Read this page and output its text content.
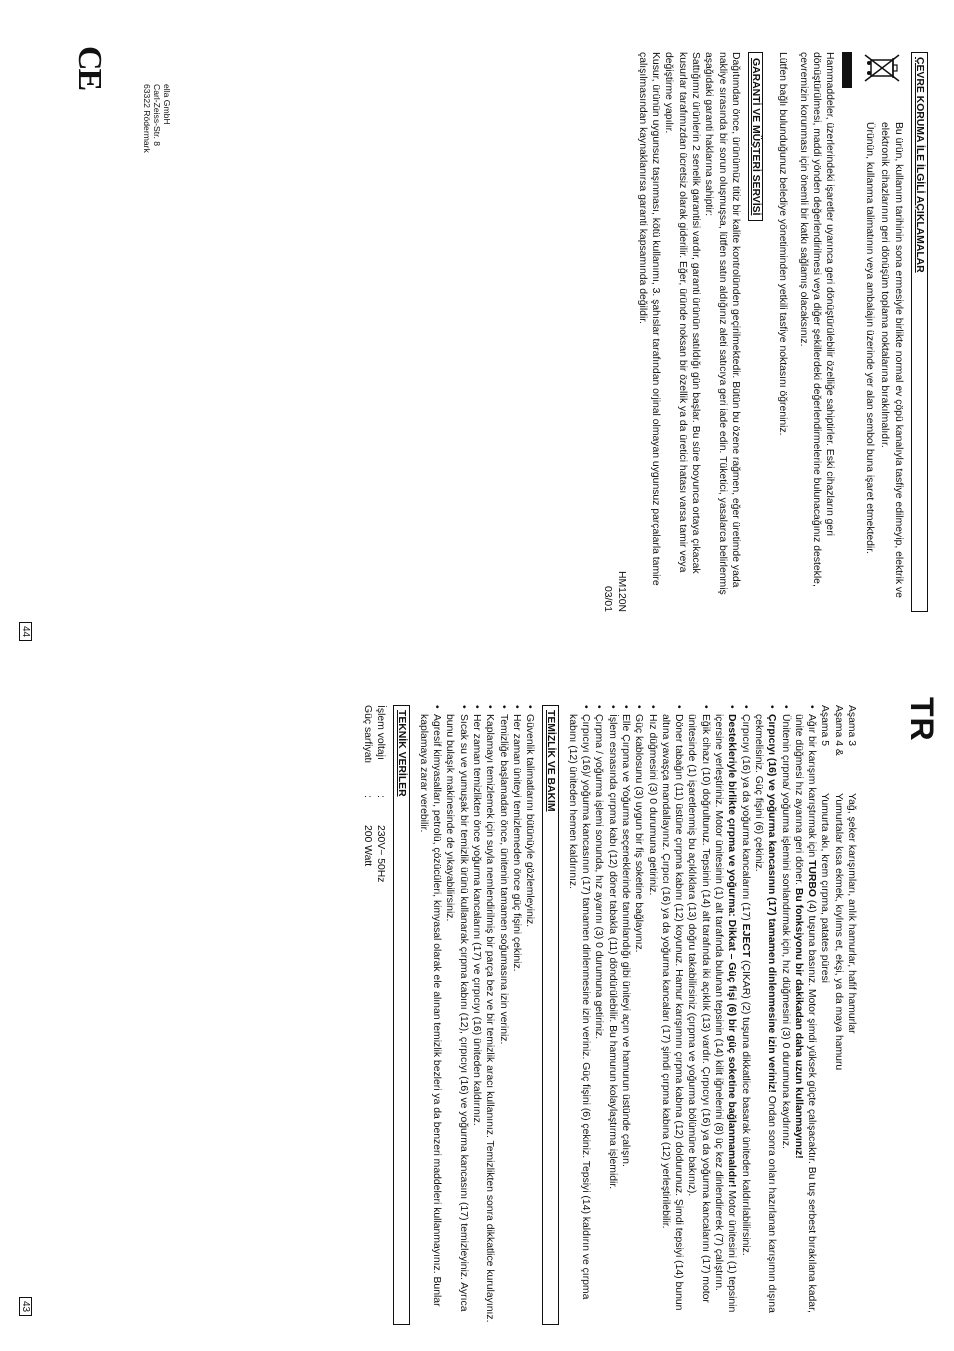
TR
Aşama 3
Yağ, şeker karışımları, anlık hamurlar, hafif hamurlar
Aşama 4 &
Yumurtalar kısa ekmek, kıylıms et, ekşi, ya da maya hamuru
Aşama 5
Yumurta akı, krem çırpma, patates püresi
• Ağır bir karışım karıştırmak için TURBO (4) tuşuna basınız. Motor şimdi yüksek güçte çalışacaktır. Bu tuş serbest bırakılana kadar, ünite düğmesi hız ayarına geri döner. Bu fonksiyonu bir dakikadan daha uzun kullanmayınız!
• Ünitenin çırpma/ yoğurma işlemini sonlandırmak için, hız düğmesini (3) 0 durumuna kaydırınız.
• Çırpıcıyı (16) ve yoğurma kancasının (17) tamamen dinlenmesine izin veriniz! Ondan sonra onları hazırlanan karışımın dışına çekmelisiniz. Güç fişini (6) çekiniz.
• Çırpıcıyı (16) ya da yoğurma kancalarını (17) EJECT (ÇIKAR) (2) tuşuna dikkatlice basarak üniteden kaldırılabilirsiniz.
• Destekleriyle birlikte çırpma ve yoğurma: Dikkat – Güç fişi (6) bir güç soketine bağlanmamalıdır! Motor ünitesini (1) tepsinin içersine yerleştiriniz. Motor ünitesinin (1) alt tarafında bulunan tepsinin (14) kilit iğnelerini (8) üç kez dinlendirerek (7) çalıştırın.
• Eğik cihazı (10) doğrultunuz. Tepsinin (14) alt tarafında iki açıklık (13) vardır. Çırpıcıyı (16) ya da yoğurma kancalarını (17) motor ünitesinde (1) işaretlenmiş bu açıklıklara (13) doğru takabilirsiniz (çırpma ve yoğurma bölümüne bakınız).
• Döner tabağın (11) üstüne çırpma kabını (12) koyunuz. Hamur karışımını çırpma kabına (12) doldurunuz. Şimdi tepsiyi (14) bunun altına yavaşça mandallayınız. Çırpıcı (16) ya da yoğurma kancaları (17) şimdi çırpma kabına (12) yerleştirilebilir.
• Hız düğmesini (3) 0 durumuna getiriniz.
• Güç kablosunu (3) uygun bir fiş soketine bağlayınız.
• Elle Çırpma ve Yoğurma seçeneklerinde tanımlandığı gibi üniteyi açın ve hamurun üstünde çalışın.
• İşlem esnasında çırpma kabı (12) döner tabakla (11) döndürülebilir. Bu hamurun kolaylaştırma işlemidir.
• Çırpma / yoğurma işlemi sonunda, hız ayarını (3) 0 durumuna getiriniz.
• Çırpıcıyı (16)/ yoğurma kancasının (17) tamamen dinlenmesine izin veriniz. Güç fişini (6) çekiniz. Tepsiyi (14) kaldırın ve çırpma kabını (12) üniteden hemen kaldırınız.
TEMİZLİK VE BAKIM
• Güvenlik talimatlarını bütünüyle gözlemleyiniz.
• Her zaman üniteyi temizlemeden önce güç fişini çekiniz.
• Temizliğe başlamadan önce, ünitenin tamamen soğumasına izin veriniz.
• Kaplamayı temizlemek için suyla nemlendirilmiş bir parça bez ve bir temizlik aracı kullanınız. Temizlikten sonra dikkatlice kurulayınız.
• Her zaman temizlikten önce yoğurma kancalarını (17) ve çırpıcıyı (16) üniteden kaldırınız.
• Sıcak su ve yumuşak bir temizlik ürünü kullanarak çırpma kabını (12), çırpıcıyı (16) ve yoğurma kancasını (17) temizleyiniz. Ayrıca bunu bulaşık makinesinde de yıkayabilirsiniz.
• Agresif kimyasalları, petrolü, çözücüleri, kimyasal olarak ele alınan temizlik bezleri ya da benzeri maddeleri kullanmayınız. Bunlar kaplamaya zarar verebilir.
TEKNİK VERİLER
İşlem voltajı
:
230V~ 50Hz
Güç sarfiyatı
:
200 Watt
43
ÇEVRE KORUMA İLE İLGİLİ AÇIKLAMALAR
Bu ürün, kullanım tarihinin sona ermesiyle birlikte normal ev çöpü kanalıyla tasfiye edilmeyip, elektrik ve elektronik cihazlarının geri dönüşüm toplama noktalarına bırakılmalıdır.
Ürünün, kullanma talimatının veya ambalajın üzerinde yer alan sembol buna işaret etmektedir.
Hammaddeler, üzerlerindeki işaretler uyarınca geri dönüştürülebilir özelliğe sahiptirler. Eski cihazların geri dönüştürülmesi, maddi yönden değerlendirilmesi veya diğer şekillerdeki değerlendirmelerine bulunacağınız destekle, çevremizin korunması için önemli bir katkı sağlamış olacaksınız.
Lütfen bağlı bulunduğunuz belediye yönetiminden yetkili tasfiye noktasını öğreniniz.
GARANTİ VE MÜŞTERİ SERVİSİ
Dağıtımdan önce, ürünümüz titiz bir kalite kontrolünden geçirilmektedir. Bütün bu özene rağmen, eğer üretimde yada nakliye sırasında bir sorun oluşmuşsa, lütfen satın aldığınız aleti satıcıya geri iade edin. Tüketici, yasalarca belirlenmiş aşağıdaki garanti haklarına sahiptir:
Sattığımız ürünlerin 2 senelik garantisi vardır, garanti ürünün satıldığı gün başlar. Bu süre boyunca ortaya çıkacak kusurlar tarafımızdan ücretsiz olarak giderilir. Eğer, üründe noksan bir özellik ya da üretici hatası varsa tamir veya değiştirme yapılır.
Kusur, ürünün uygunsuz taşınması, kötü kullanımı, 3. şahıslar tarafından orjinal olmayan uygunsuz parçalarla tamire çalışılmasından kaynaklanırsa garanti kapsamında değildir.
HM120N
03/01
ella GmbH
Carl-Zeiss-Str. 8
63322 Rödermark
CE
44
